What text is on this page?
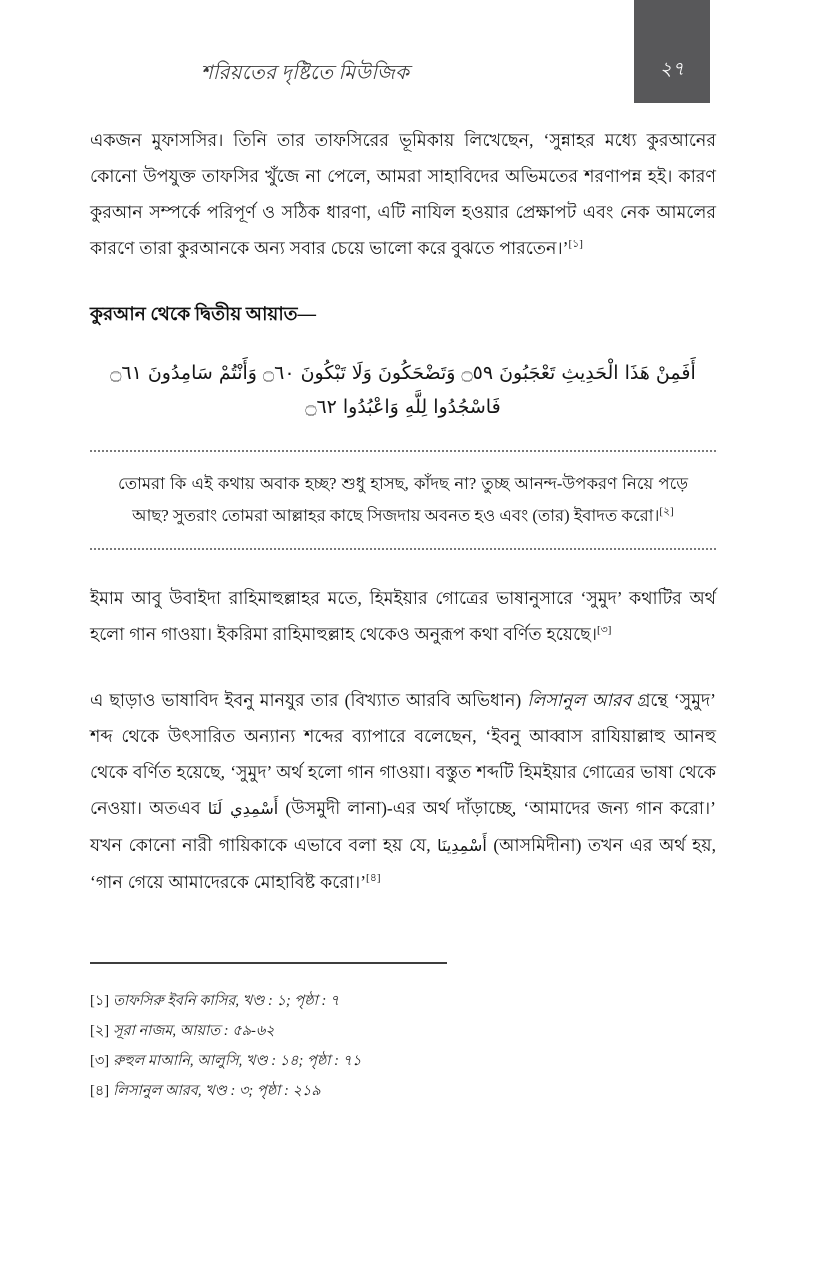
শরিয়তের দৃষ্টিতে মিউজিক	২৭

একজন মুফাসসির। তিনি তার তাফসিরের ভূমিকায় লিখেছেন, ‘সুন্নাহর মধ্যে কুরআনের কোনো উপযুক্ত তাফসির খুঁজে না পেলে, আমরা সাহাবিদের অভিমতের শরণাপন্ন হই। কারণ কুরআন সম্পর্কে পরিপূর্ণ ও সঠিক ধারণা, এটি নাযিল হওয়ার প্রেক্ষাপট এবং নেক আমলের কারণে তারা কুরআনকে অন্য সবার চেয়ে ভালো করে বুঝতে পারতেন।’[১]

কুরআন থেকে দ্বিতীয় আয়াত—
أَفَمِنْ هَذَا الْحَدِيثِ تَعْجَبُونَ ۝٥٩ وَتَضْحَكُونَ وَلَا تَبْكُونَ ۝٦٠ وَأَنْتُمْ سَامِدُونَ ۝٦١ فَاسْجُدُوا لِلَّهِ وَاعْبُدُوا ۝٦٢
তোমরা কি এই কথায় অবাক হচ্ছ? শুধু হাসছ, কাঁদছ না? তুচ্ছ আনন্দ-উপকরণ নিয়ে পড়ে আছ? সুতরাং তোমরা আল্লাহর কাছে সিজদায় অবনত হও এবং (তার) ইবাদত করো।[২]

ইমাম আবু উবাইদা রাহিমাহুল্লাহর মতে, হিমইয়ার গোত্রের ভাষানুসারে ‘সুমুদ’ কথাটির অর্থ হলো গান গাওয়া। ইকরিমা রাহিমাহুল্লাহ থেকেও অনুরূপ কথা বর্ণিত হয়েছে।[৩]

এ ছাড়াও ভাষাবিদ ইবনু মানযুর তার (বিখ্যাত আরবি অভিধান) লিসানুল আরব গ্রন্থে ‘সুমুদ’ শব্দ থেকে উৎসারিত অন্যান্য শব্দের ব্যাপারে বলেছেন, ‘ইবনু আব্বাস রাযিয়াল্লাহু আনহু থেকে বর্ণিত হয়েছে, ‘সুমুদ’ অর্থ হলো গান গাওয়া। বস্তুত শব্দটি হিমইয়ার গোত্রের ভাষা থেকে নেওয়া। অতএব أَسْمِدِي لَنَا (উসমুদী লানা)-এর অর্থ দাঁড়াচ্ছে, ‘আমাদের জন্য গান করো।’ যখন কোনো নারী গায়িকাকে এভাবে বলা হয় যে, أَسْمِدِينَا (আসমিদীনা) তখন এর অর্থ হয়, ‘গান গেয়ে আমাদেরকে মোহাবিষ্ট করো।’[৪]

[১] তাফসিরু ইবনি কাসির, খণ্ড : ১; পৃষ্ঠা : ৭
[২] সূরা নাজম, আয়াত : ৫৯-৬২
[৩] রুহুল মাআনি, আলুসি, খণ্ড : ১৪; পৃষ্ঠা : ৭১
[৪] লিসানুল আরব, খণ্ড : ৩; পৃষ্ঠা : ২১৯
